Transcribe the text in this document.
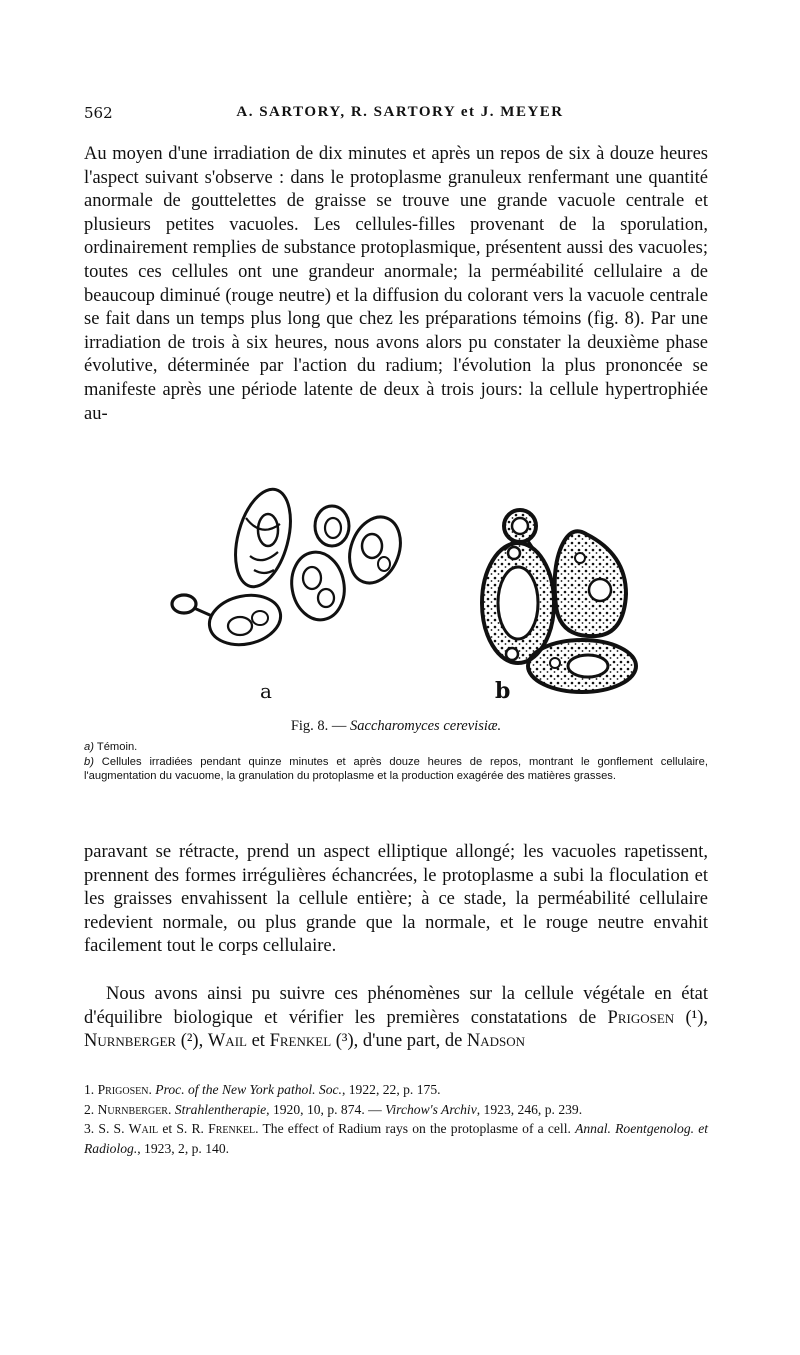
562	A. SARTORY, R. SARTORY et J. MEYER

Au moyen d'une irradiation de dix minutes et après un repos de six à douze heures l'aspect suivant s'observe : dans le protoplasme granuleux renfermant une quantité anormale de gouttelettes de graisse se trouve une grande vacuole centrale et plusieurs petites vacuoles. Les cellules-filles provenant de la sporulation, ordinairement remplies de substance protoplasmique, présentent aussi des vacuoles; toutes ces cellules ont une grandeur anormale; la perméabilité cellulaire a de beaucoup diminué (rouge neutre) et la diffusion du colorant vers la vacuole centrale se fait dans un temps plus long que chez les préparations témoins (fig. 8). Par une irradiation de trois à six heures, nous avons alors pu constater la deuxième phase évolutive, déterminée par l'action du radium; l'évolution la plus prononcée se manifeste après une période latente de deux à trois jours: la cellule hypertrophiée au-

a	b
Fig. 8. — Saccharomyces cerevisiæ.

a) Témoin.

b) Cellules irradiées pendant quinze minutes et après douze heures de repos, montrant le gonflement cellulaire, l'augmentation du vacuome, la granulation du protoplasme et la production exagérée des matières grasses.

paravant se rétracte, prend un aspect elliptique allongé; les vacuoles rapetissent, prennent des formes irrégulières échancrées, le protoplasme a subi la floculation et les graisses envahissent la cellule entière; à ce stade, la perméabilité cellulaire redevient normale, ou plus grande que la normale, et le rouge neutre envahit facilement tout le corps cellulaire.

Nous avons ainsi pu suivre ces phénomènes sur la cellule végétale en état d'équilibre biologique et vérifier les premières constatations de Prigosen (¹), Nurnberger (²), Wail et Frenkel (³), d'une part, de Nadson

1. Prigosen. Proc. of the New York pathol. Soc., 1922, 22, p. 175.

2. Nurnberger. Strahlentherapie, 1920, 10, p. 874. — Virchow's Archiv, 1923, 246, p. 239.

3. S. S. Wail et S. R. Frenkel. The effect of Radium rays on the protoplasme of a cell. Annal. Roentgenolog. et Radiolog., 1923, 2, p. 140.
